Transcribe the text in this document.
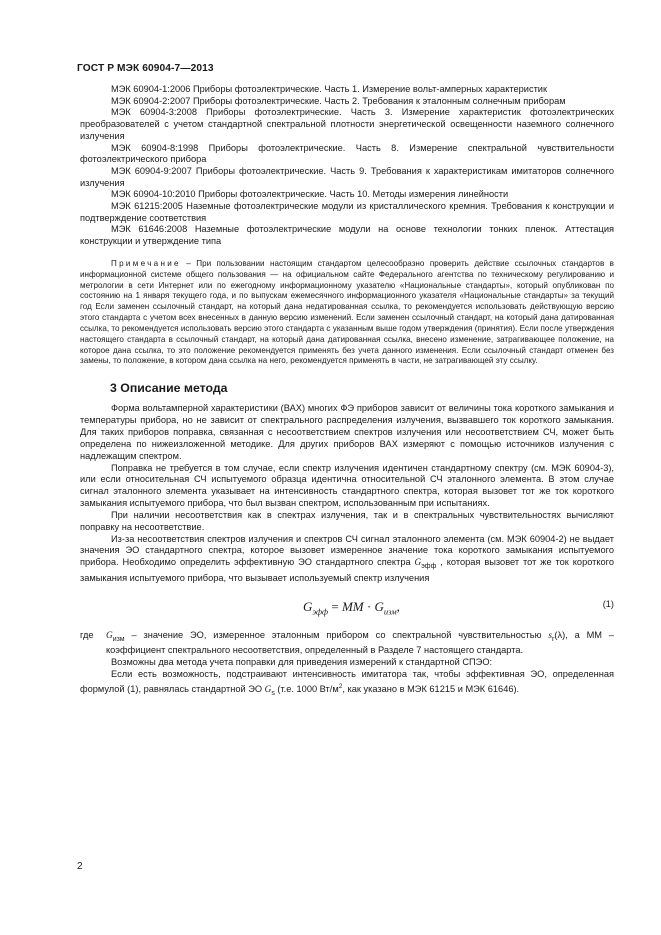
ГОСТ Р МЭК 60904-7—2013

МЭК 60904-1:2006 Приборы фотоэлектрические. Часть 1. Измерение вольт-амперных характеристик

МЭК 60904-2:2007 Приборы фотоэлектрические. Часть 2. Требования к эталонным солнечным приборам

МЭК 60904-3:2008 Приборы фотоэлектрические. Часть 3. Измерение характеристик фотоэлектрических преобразователей с учетом стандартной спектральной плотности энергетической освещенности наземного солнечного излучения

МЭК 60904-8:1998 Приборы фотоэлектрические. Часть 8. Измерение спектральной чувствительности фотоэлектрического прибора

МЭК 60904-9:2007 Приборы фотоэлектрические. Часть 9. Требования к характеристикам имитаторов солнечного излучения

МЭК 60904-10:2010 Приборы фотоэлектрические. Часть 10. Методы измерения линейности

МЭК 61215:2005 Наземные фотоэлектрические модули из кристаллического кремния. Требования к конструкции и подтверждение соответствия

МЭК 61646:2008 Наземные фотоэлектрические модули на основе технологии тонких пленок. Аттестация конструкции и утверждение типа

Примечание – При пользовании настоящим стандартом целесообразно проверить действие ссылочных стандартов в информационной системе общего пользования — на официальном сайте Федерального агентства по техническому регулированию и метрологии в сети Интернет или по ежегодному информационному указателю «Национальные стандарты», который опубликован по состоянию на 1 января текущего года, и по выпускам ежемесячного информационного указателя «Национальные стандарты» за текущий год Если заменен ссылочный стандарт, на который дана недатированная ссылка, то рекомендуется использовать действующую версию этого стандарта с учетом всех внесенных в данную версию изменений. Если заменен ссылочный стандарт, на который дана датированная ссылка, то рекомендуется использовать версию этого стандарта с указанным выше годом утверждения (принятия). Если после утверждения настоящего стандарта в ссылочный стандарт, на который дана датированная ссылка, внесено изменение, затрагивающее положение, на которое дана ссылка, то это положение рекомендуется применять без учета данного изменения. Если ссылочный стандарт отменен без замены, то положение, в котором дана ссылка на него, рекомендуется применять в части, не затрагивающей эту ссылку.
3 Описание метода

Форма вольтамперной характеристики (ВАХ) многих ФЭ приборов зависит от величины тока короткого замыкания и температуры прибора, но не зависит от спектрального распределения излучения, вызвавшего ток короткого замыкания. Для таких приборов поправка, связанная с несоответствием спектров излучения или несоответствием СЧ, может быть определена по нижеизложенной методике. Для других приборов ВАХ измеряют с помощью источников излучения с надлежащим спектром.

Поправка не требуется в том случае, если спектр излучения идентичен стандартному спектру (см. МЭК 60904-3), или если относительная СЧ испытуемого образца идентична относительной СЧ эталонного элемента. В этом случае сигнал эталонного элемента указывает на интенсивность стандартного спектра, которая вызовет тот же ток короткого замыкания испытуемого прибора, что был вызван спектром, использованным при испытаниях.

При наличии несоответствия как в спектрах излучения, так и в спектральных чувствительностях вычисляют поправку на несоответствие.

Из-за несоответствия спектров излучения и спектров СЧ сигнал эталонного элемента (см. МЭК 60904-2) не выдает значения ЭО стандартного спектра, которое вызовет измеренное значение тока короткого замыкания испытуемого прибора. Необходимо определить эффективную ЭО стандартного спектра $G_{эфф}$ , которая вызовет тот же ток короткого замыкания испытуемого прибора, что вызывает используемый спектр излучения

$G_{эфф}$ = MM · $G_{изм}$,	(1)
где $G_{изм}$ – значение ЭО, измеренное эталонным прибором со спектральной чувствительностью $s_r(\lambda)$, а ММ – коэффициент спектрального несоответствия, определенный в Разделе 7 настоящего стандарта.

Возможны два метода учета поправки для приведения измерений к стандартной СПЭО:

Если есть возможность, подстраивают интенсивность имитатора так, чтобы эффективная ЭО, определенная формулой (1), равнялась стандартной ЭО $G_s$ (т.е. 1000 $Вт/м^2$, как указано в МЭК 61215 и МЭК 61646).

2
